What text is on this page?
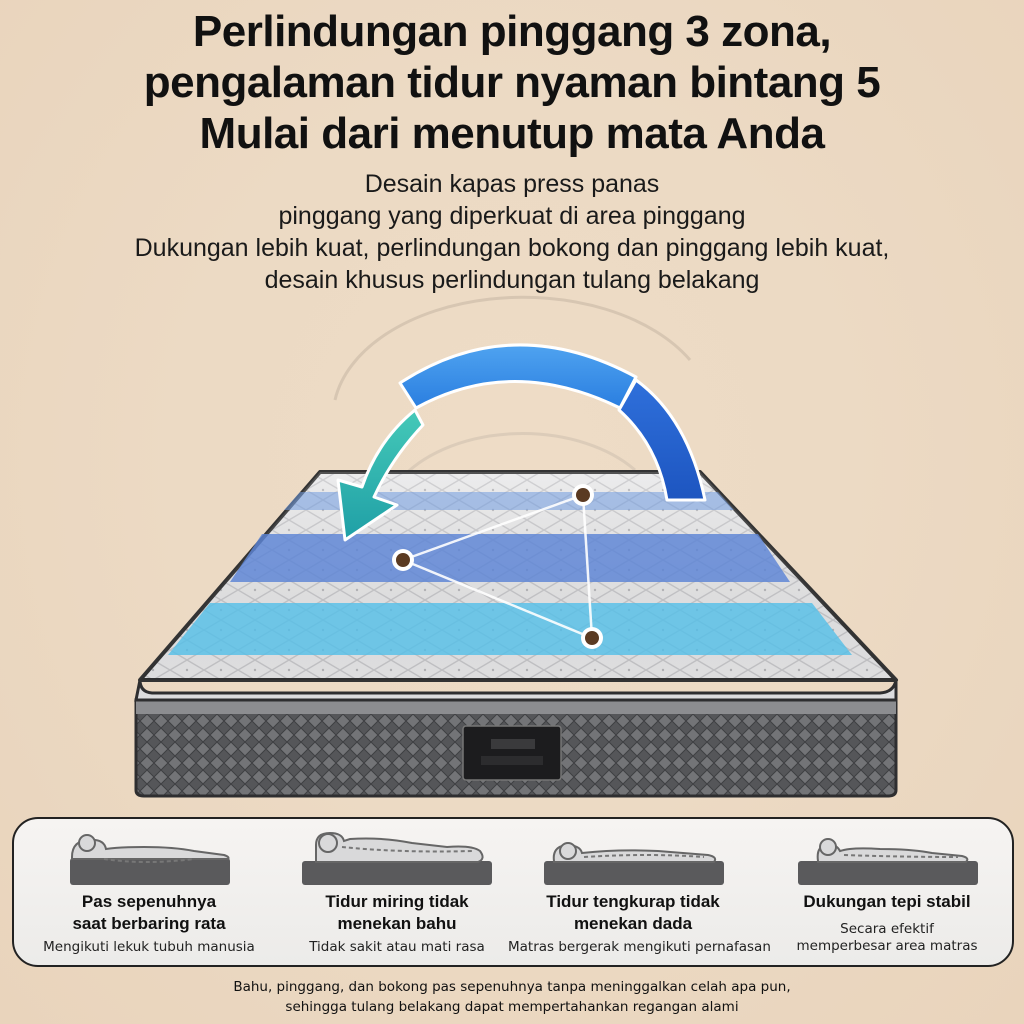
Perlindungan pinggang 3 zona,
pengalaman tidur nyaman bintang 5
Mulai dari menutup mata Anda
Desain kapas press panas
pinggang yang diperkuat di area pinggang
Dukungan lebih kuat, perlindungan bokong dan pinggang lebih kuat,
desain khusus perlindungan tulang belakang
Pas sepenuhnya
saat berbaring rata
Mengikuti lekuk tubuh manusia
Tidur miring tidak
menekan bahu
Tidak sakit atau mati rasa
Tidur tengkurap tidak
menekan dada
Matras bergerak mengikuti pernafasan
Dukungan tepi stabil
Secara efektif
memperbesar area matras
Bahu, pinggang, dan bokong pas sepenuhnya tanpa meninggalkan celah apa pun,
sehingga tulang belakang dapat mempertahankan regangan alami
